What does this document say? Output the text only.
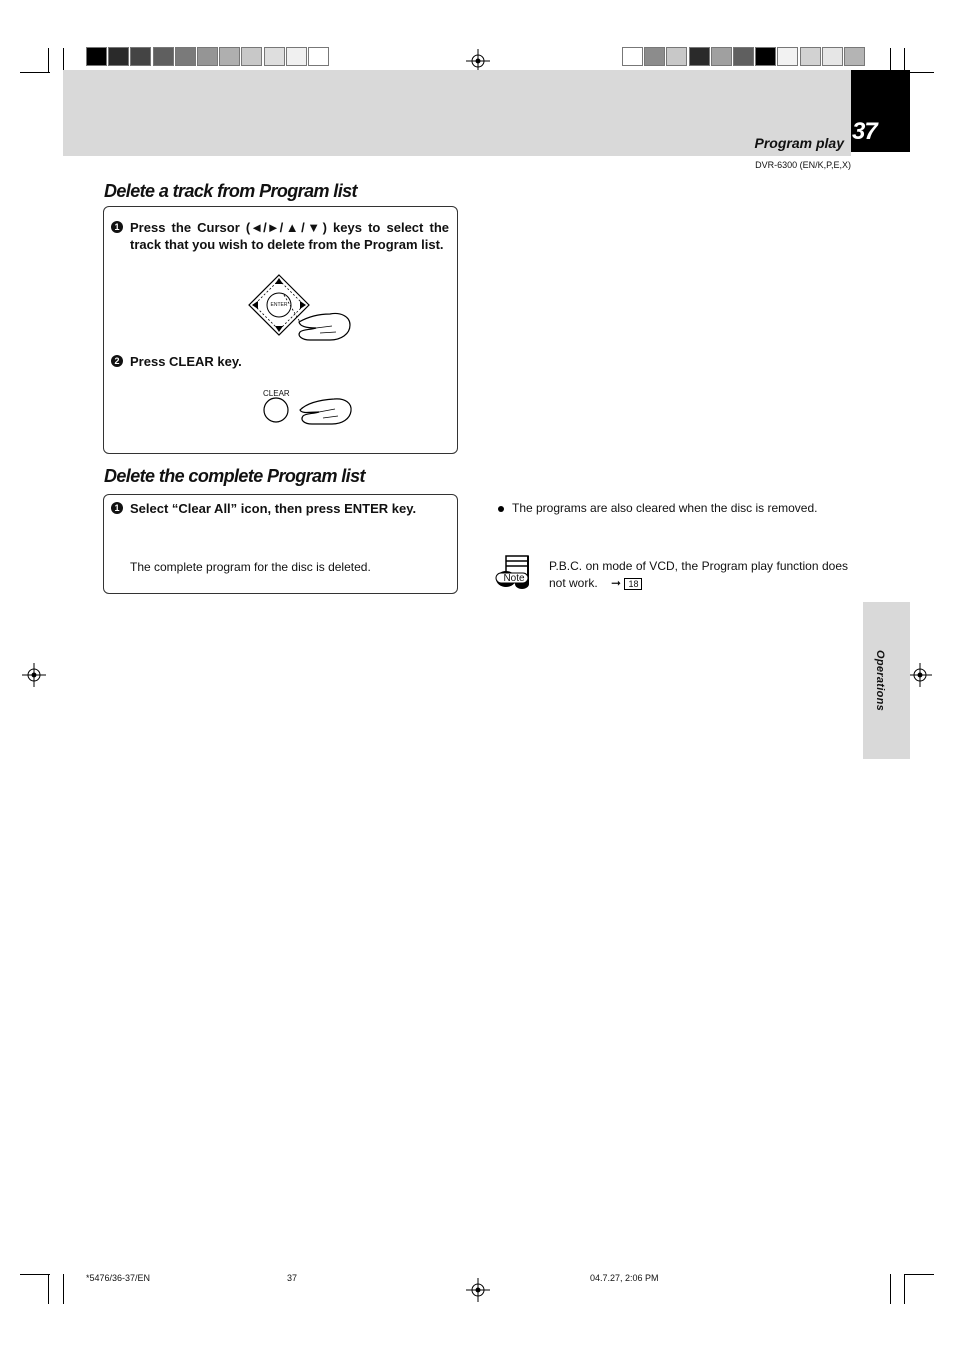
37
Program play
DVR-6300 (EN/K,P,E,X)
Delete a track from Program list
1 Press the Cursor (◄/►/▲/▼) keys to select the track that you wish to delete from the Program list.
ENTER
2 Press CLEAR key.
CLEAR
Delete the complete Program list
1 Select “Clear All” icon, then press ENTER key.
The complete program for the disc is deleted.
The programs are also cleared when the disc is removed.
Note
P.B.C. on mode of VCD, the Program play function does not work. ➞ 18
Operations
*5476/36-37/EN	37	04.7.27, 2:06 PM
